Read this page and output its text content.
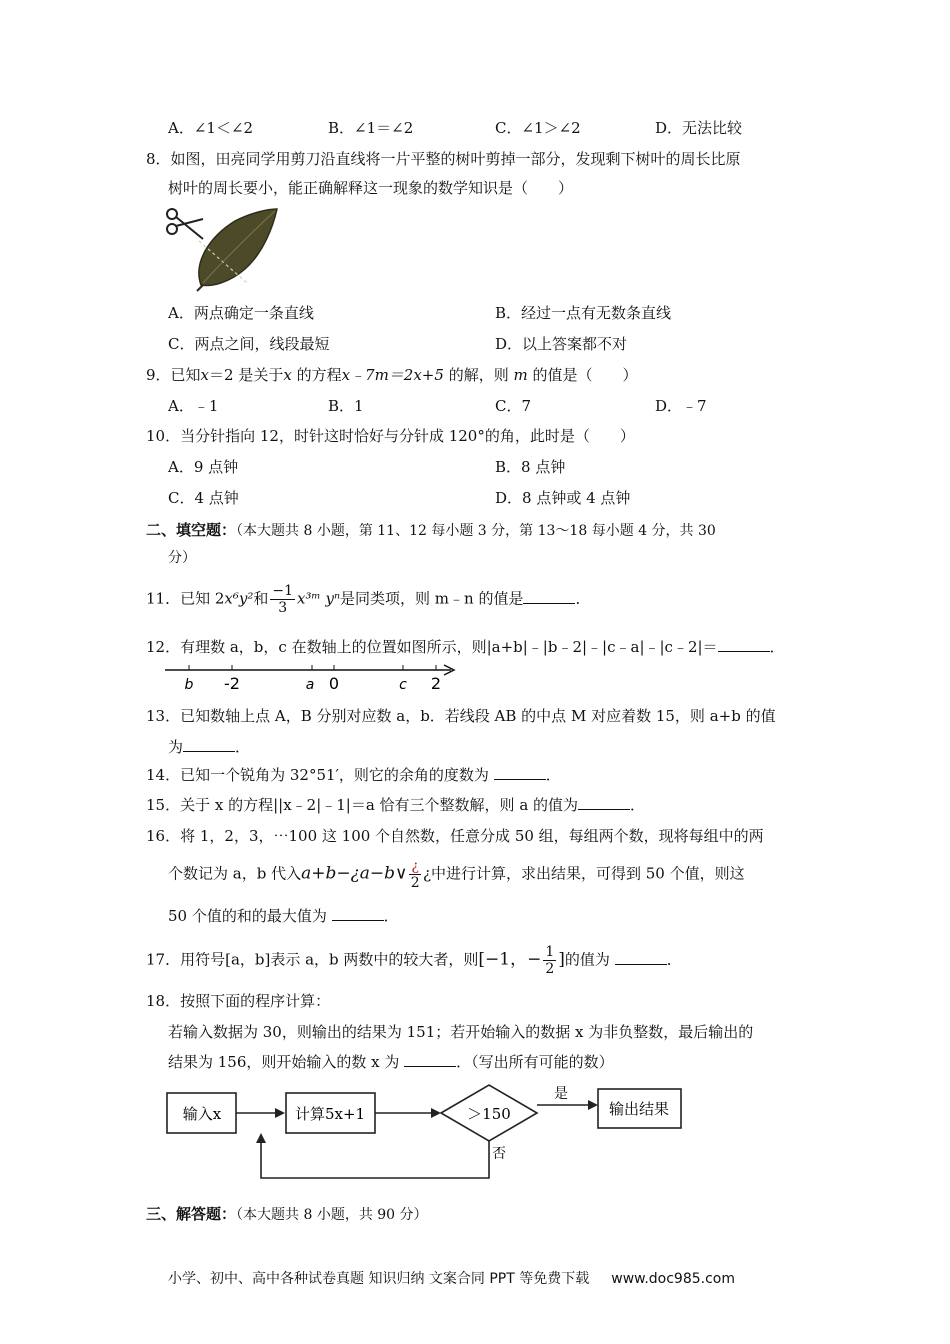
A．∠1＜∠2	B．∠1＝∠2	C．∠1＞∠2	D．无法比较
8．如图，田亮同学用剪刀沿直线将一片平整的树叶剪掉一部分，发现剩下树叶的周长比原
树叶的周长要小，能正确解释这一现象的数学知识是（　　）
A．两点确定一条直线	B．经过一点有无数条直线
C．两点之间，线段最短	D．以上答案都不对
9．已知x＝2 是关于x 的方程x﹣7m＝2x+5 的解，则 m 的值是（　　）
A．﹣1	B．1	C．7	D．﹣7
10．当分针指向 12，时针这时恰好与分针成 120°的角，此时是（　　）
A．9 点钟	B．8 点钟
C．4 点钟	D．8 点钟或 4 点钟
二、填空题：（本大题共 8 小题，第 11、12 每小题 3 分，第 13～18 每小题 4 分，共 30
分）
11．已知 2x⁶y²和 $\frac{-1}{3}$ x³ᵐ yⁿ是同类项，则 m﹣n 的值是	．
12．有理数 a，b，c 在数轴上的位置如图所示，则|a+b|﹣|b﹣2|﹣|c﹣a|﹣|c﹣2|＝	．
b -2	a 0	c 2
13．已知数轴上点 A，B 分别对应数 a，b．若线段 AB 的中点 M 对应着数 15，则 a+b 的值
为	．
14．已知一个锐角为 32°51′，则它的余角的度数为	．
15．关于 x 的方程||x﹣2|﹣1|＝a 恰有三个整数解，则 a 的值为	．
16．将 1，2，3，⋯100 这 100 个自然数，任意分成 50 组，每组两个数，现将每组中的两
个数记为 a，b 代入a+b−¿a−b∨ $\frac{¿}{2}$ ¿中进行计算，求出结果，可得到 50 个值，则这
50 个值的和的最大值为	．
17．用符号[a，b]表示 a，b 两数中的较大者，则[−1，− $\frac{1}{2}$ ]的值为	．
18．按照下面的程序计算：
若输入数据为 30，则输出的结果为 151；若开始输入的数据 x 为非负整数，最后输出的
结果为 156，则开始输入的数 x 为	．（写出所有可能的数）
输入x	计算5x+1	＞150	输出结果
是
否
三、解答题：（本大题共 8 小题，共 90 分）
小学、初中、高中各种试卷真题 知识归纳 文案合同 PPT 等免费下载 www.doc985.com
